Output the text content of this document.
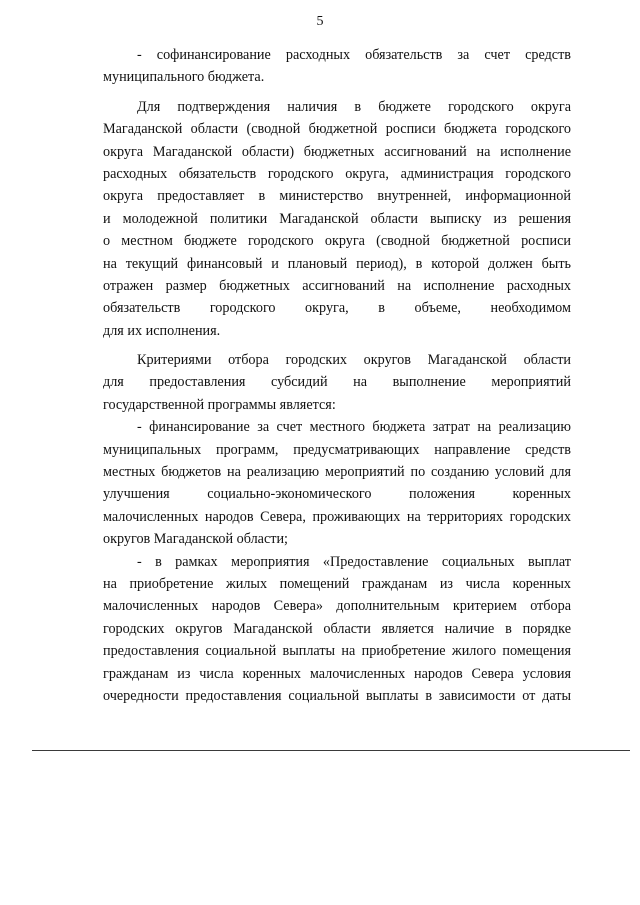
5
- софинансирование расходных обязательств за счет средств
муниципального бюджета.
Для подтверждения наличия в бюджете городского округа
Магаданской области (сводной бюджетной росписи бюджета городского
округа Магаданской области) бюджетных ассигнований на исполнение
расходных обязательств городского округа, администрация городского
округа предоставляет в министерство внутренней, информационной
и молодежной политики Магаданской области выписку из решения
о местном бюджете городского округа (сводной бюджетной росписи
на текущий финансовый и плановый период), в которой должен быть
отражен размер бюджетных ассигнований на исполнение расходных
обязательств городского округа, в объеме, необходимом
для их исполнения.
Критериями отбора городских округов Магаданской области
для предоставления субсидий на выполнение мероприятий
государственной программы является:
- финансирование за счет местного бюджета затрат на реализацию
муниципальных программ, предусматривающих направление средств
местных бюджетов на реализацию мероприятий по созданию условий для
улучшения социально-экономического положения коренных
малочисленных народов Севера, проживающих на территориях городских
округов Магаданской области;
- в рамках мероприятия «Предоставление социальных выплат
на приобретение жилых помещений гражданам из числа коренных
малочисленных народов Севера» дополнительным критерием отбора
городских округов Магаданской области является наличие в порядке
предоставления социальной выплаты на приобретение жилого помещения
гражданам из числа коренных малочисленных народов Севера условия
очередности предоставления социальной выплаты в зависимости от даты
